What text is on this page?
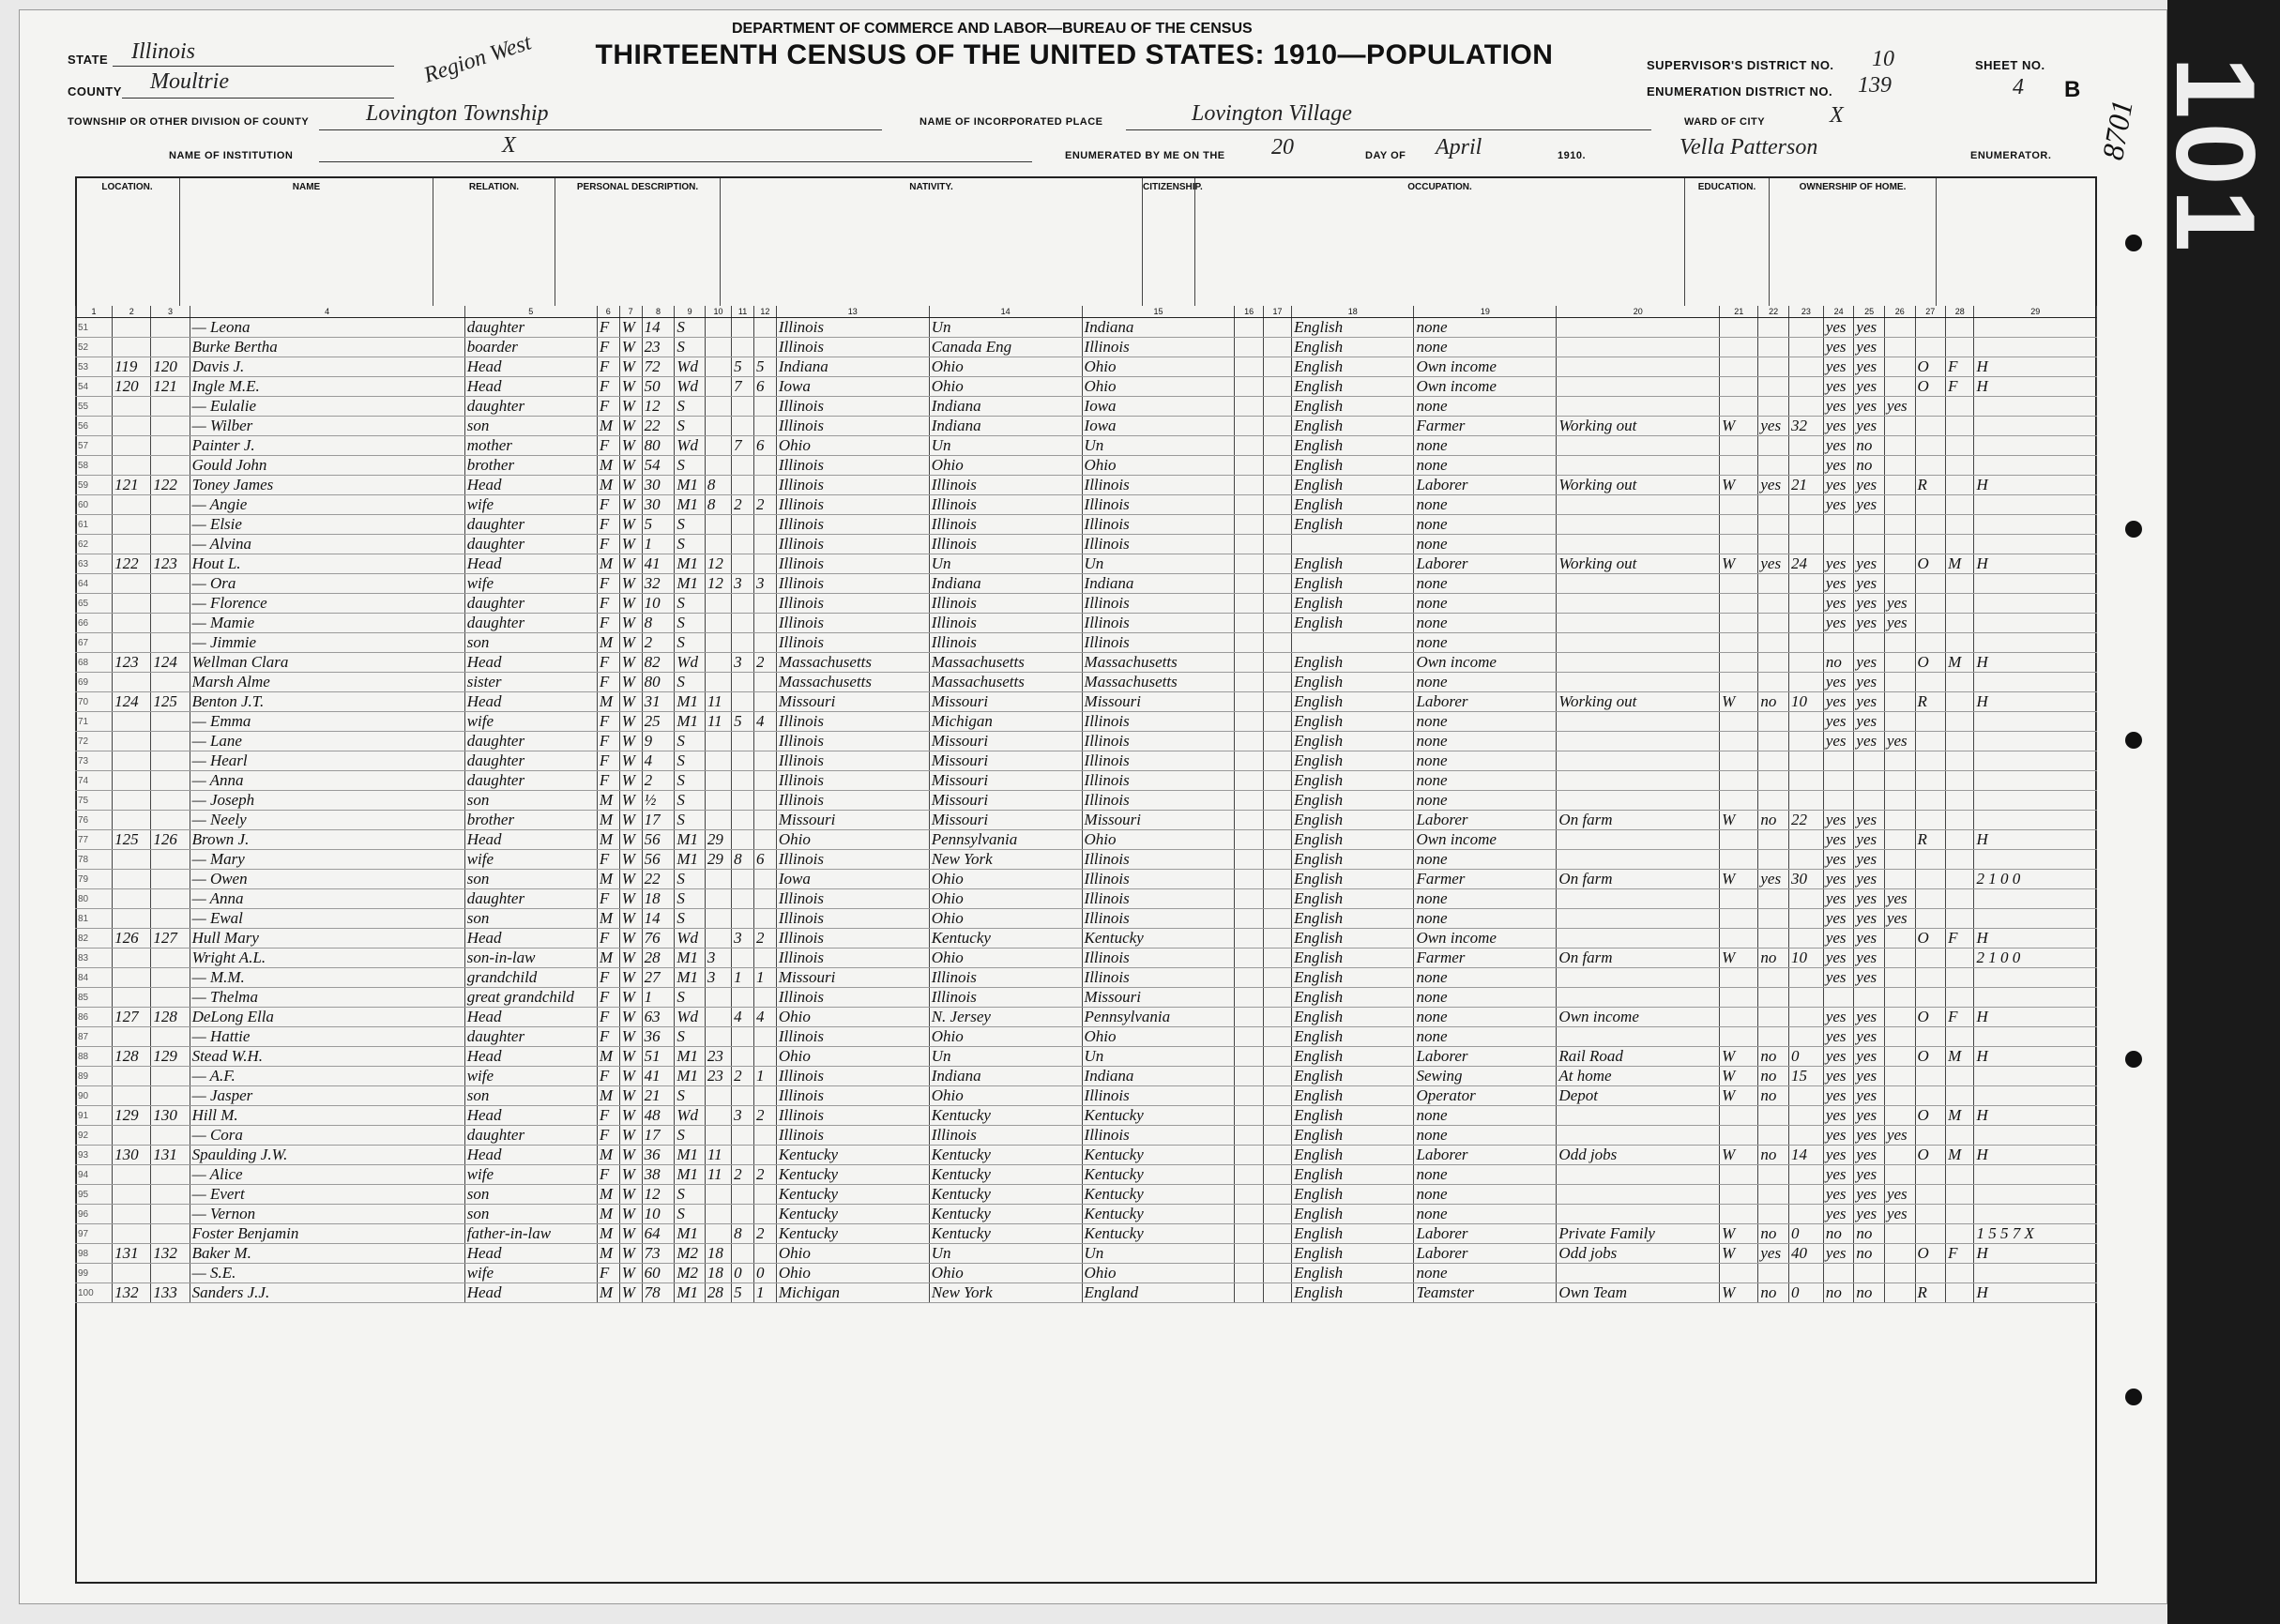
101
8701
STATE Illinois
COUNTY Moultrie	Region West
DEPARTMENT OF COMMERCE AND LABOR—BUREAU OF THE CENSUS
THIRTEENTH CENSUS OF THE UNITED STATES: 1910—POPULATION	SUPERVISOR'S DISTRICT NO. 10
ENUMERATION DISTRICT NO. 139
SHEET NO.
4 B
TOWNSHIP OR OTHER DIVISION OF COUNTY	Lovington Township	NAME OF INCORPORATED PLACE	Lovington Village	WARD OF CITY	X
NAME OF INSTITUTION	X	ENUMERATED BY ME ON THE 20	DAY OF April	1910.	Vella Patterson	ENUMERATOR.
LOCATION.	NAME	RELATION.	PERSONAL DESCRIPTION.	NATIVITY.	CITIZENSHIP.	OCCUPATION.	EDUCATION.	OWNERSHIP OF HOME.
1	2	3	4	5	6	7	8	9	10	11	12	13	14	15	16	17	18	19	20	21	22	23	24	25	26	27	28	29
51			— Leona	daughter	F	W	14	S				Illinois	Un	Indiana			English	none					yes	yes				
52			Burke Bertha	boarder	F	W	23	S				Illinois	Canada Eng	Illinois			English	none					yes	yes				
53	119	120	Davis J.	Head	F	W	72	Wd		5	5	Indiana	Ohio	Ohio			English	Own income					yes	yes		O	F	H
54	120	121	Ingle M.E.	Head	F	W	50	Wd		7	6	Iowa	Ohio	Ohio			English	Own income					yes	yes		O	F	H
55			— Eulalie	daughter	F	W	12	S				Illinois	Indiana	Iowa			English	none					yes	yes	yes			
56			— Wilber	son	M	W	22	S				Illinois	Indiana	Iowa			English	Farmer	Working out	W	yes	32	yes	yes				
57			Painter J.	mother	F	W	80	Wd		7	6	Ohio	Un	Un			English	none					yes	no				
58			Gould John	brother	M	W	54	S				Illinois	Ohio	Ohio			English	none					yes	no				
59	121	122	Toney James	Head	M	W	30	M1	8			Illinois	Illinois	Illinois			English	Laborer	Working out	W	yes	21	yes	yes		R		H
60			— Angie	wife	F	W	30	M1	8	2	2	Illinois	Illinois	Illinois			English	none					yes	yes				
61			— Elsie	daughter	F	W	5	S				Illinois	Illinois	Illinois			English	none										
62			— Alvina	daughter	F	W	1	S				Illinois	Illinois	Illinois				none										
63	122	123	Hout L.	Head	M	W	41	M1	12			Illinois	Un	Un			English	Laborer	Working out	W	yes	24	yes	yes		O	M	H
64			— Ora	wife	F	W	32	M1	12	3	3	Illinois	Indiana	Indiana			English	none					yes	yes				
65			— Florence	daughter	F	W	10	S				Illinois	Illinois	Illinois			English	none					yes	yes	yes			
66			— Mamie	daughter	F	W	8	S				Illinois	Illinois	Illinois			English	none					yes	yes	yes			
67			— Jimmie	son	M	W	2	S				Illinois	Illinois	Illinois				none										
68	123	124	Wellman Clara	Head	F	W	82	Wd		3	2	Massachusetts	Massachusetts	Massachusetts			English	Own income					no	yes		O	M	H
69			Marsh Alme	sister	F	W	80	S				Massachusetts	Massachusetts	Massachusetts			English	none					yes	yes				
70	124	125	Benton J.T.	Head	M	W	31	M1	11			Missouri	Missouri	Missouri			English	Laborer	Working out	W	no	10	yes	yes		R		H
71			— Emma	wife	F	W	25	M1	11	5	4	Illinois	Michigan	Illinois			English	none					yes	yes				
72			— Lane	daughter	F	W	9	S				Illinois	Missouri	Illinois			English	none					yes	yes	yes			
73			— Hearl	daughter	F	W	4	S				Illinois	Missouri	Illinois			English	none										
74			— Anna	daughter	F	W	2	S				Illinois	Missouri	Illinois			English	none										
75			— Joseph	son	M	W	½	S				Illinois	Missouri	Illinois			English	none										
76			— Neely	brother	M	W	17	S				Missouri	Missouri	Missouri			English	Laborer	On farm	W	no	22	yes	yes				
77	125	126	Brown J.	Head	M	W	56	M1	29			Ohio	Pennsylvania	Ohio			English	Own income					yes	yes		R		H
78			— Mary	wife	F	W	56	M1	29	8	6	Illinois	New York	Illinois			English	none					yes	yes				
79			— Owen	son	M	W	22	S				Iowa	Ohio	Illinois			English	Farmer	On farm	W	yes	30	yes	yes				2 1 0 0
80			— Anna	daughter	F	W	18	S				Illinois	Ohio	Illinois			English	none					yes	yes	yes			
81			— Ewal	son	M	W	14	S				Illinois	Ohio	Illinois			English	none					yes	yes	yes			
82	126	127	Hull Mary	Head	F	W	76	Wd		3	2	Illinois	Kentucky	Kentucky			English	Own income					yes	yes		O	F	H
83			Wright A.L.	son-in-law	M	W	28	M1	3			Illinois	Ohio	Illinois			English	Farmer	On farm	W	no	10	yes	yes				2 1 0 0
84			— M.M.	grandchild	F	W	27	M1	3	1	1	Missouri	Illinois	Illinois			English	none					yes	yes				
85			— Thelma	great grandchild	F	W	1	S				Illinois	Illinois	Missouri			English	none										
86	127	128	DeLong Ella	Head	F	W	63	Wd		4	4	Ohio	N. Jersey	Pennsylvania			English	none	Own income				yes	yes		O	F	H
87			— Hattie	daughter	F	W	36	S				Illinois	Ohio	Ohio			English	none					yes	yes				
88	128	129	Stead W.H.	Head	M	W	51	M1	23			Ohio	Un	Un			English	Laborer	Rail Road	W	no	0	yes	yes		O	M	H
89			— A.F.	wife	F	W	41	M1	23	2	1	Illinois	Indiana	Indiana			English	Sewing	At home	W	no	15	yes	yes				
90			— Jasper	son	M	W	21	S				Illinois	Ohio	Illinois			English	Operator	Depot	W	no		yes	yes				
91	129	130	Hill M.	Head	F	W	48	Wd		3	2	Illinois	Kentucky	Kentucky			English	none					yes	yes		O	M	H
92			— Cora	daughter	F	W	17	S				Illinois	Illinois	Illinois			English	none					yes	yes	yes			
93	130	131	Spaulding J.W.	Head	M	W	36	M1	11			Kentucky	Kentucky	Kentucky			English	Laborer	Odd jobs	W	no	14	yes	yes		O	M	H
94			— Alice	wife	F	W	38	M1	11	2	2	Kentucky	Kentucky	Kentucky			English	none					yes	yes				
95			— Evert	son	M	W	12	S				Kentucky	Kentucky	Kentucky			English	none					yes	yes	yes			
96			— Vernon	son	M	W	10	S				Kentucky	Kentucky	Kentucky			English	none					yes	yes	yes			
97			Foster Benjamin	father-in-law	M	W	64	M1		8	2	Kentucky	Kentucky	Kentucky			English	Laborer	Private Family	W	no	0	no	no				1 5 5 7 X
98	131	132	Baker M.	Head	M	W	73	M2	18			Ohio	Un	Un			English	Laborer	Odd jobs	W	yes	40	yes	no		O	F	H
99			— S.E.	wife	F	W	60	M2	18	0	0	Ohio	Ohio	Ohio			English	none										
100	132	133	Sanders J.J.	Head	M	W	78	M1	28	5	1	Michigan	New York	England			English	Teamster	Own Team	W	no	0	no	no		R		H
